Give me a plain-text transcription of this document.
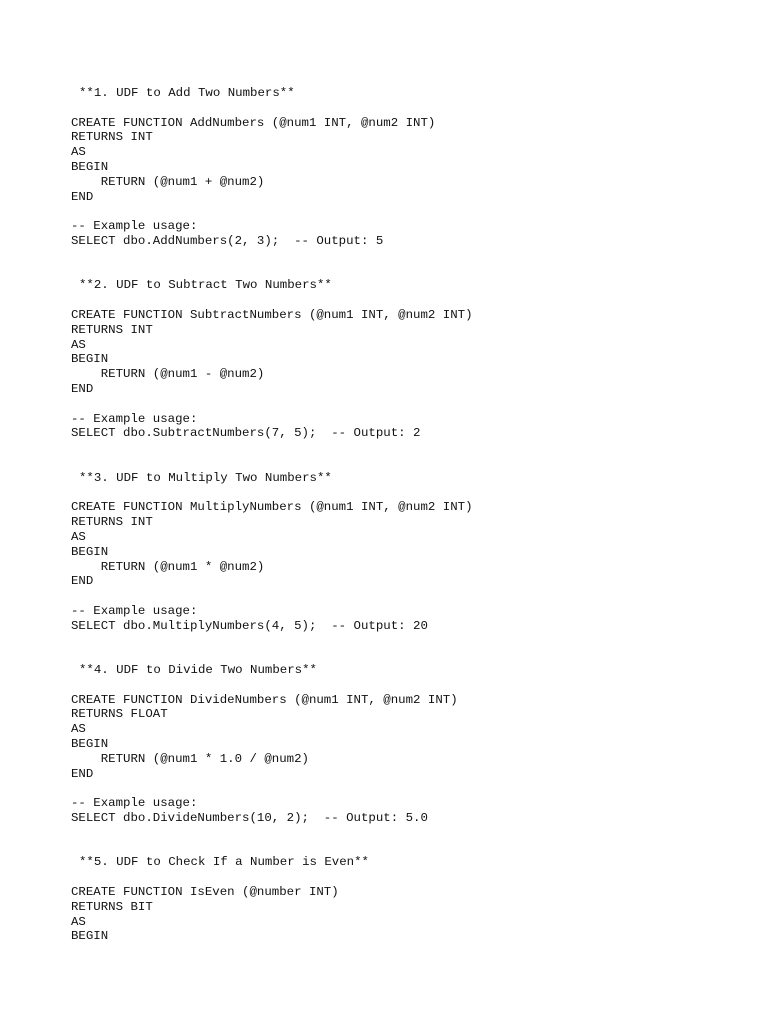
**1. UDF to Add Two Numbers**
CREATE FUNCTION AddNumbers (@num1 INT, @num2 INT)
RETURNS INT
AS
BEGIN
RETURN (@num1 + @num2)
END
-- Example usage:
SELECT dbo.AddNumbers(2, 3);  -- Output: 5
**2. UDF to Subtract Two Numbers**
CREATE FUNCTION SubtractNumbers (@num1 INT, @num2 INT)
RETURNS INT
AS
BEGIN
RETURN (@num1 - @num2)
END
-- Example usage:
SELECT dbo.SubtractNumbers(7, 5);  -- Output: 2
**3. UDF to Multiply Two Numbers**
CREATE FUNCTION MultiplyNumbers (@num1 INT, @num2 INT)
RETURNS INT
AS
BEGIN
RETURN (@num1 * @num2)
END
-- Example usage:
SELECT dbo.MultiplyNumbers(4, 5);  -- Output: 20
**4. UDF to Divide Two Numbers**
CREATE FUNCTION DivideNumbers (@num1 INT, @num2 INT)
RETURNS FLOAT
AS
BEGIN
RETURN (@num1 * 1.0 / @num2)
END
-- Example usage:
SELECT dbo.DivideNumbers(10, 2);  -- Output: 5.0
**5. UDF to Check If a Number is Even**
CREATE FUNCTION IsEven (@number INT)
RETURNS BIT
AS
BEGIN
